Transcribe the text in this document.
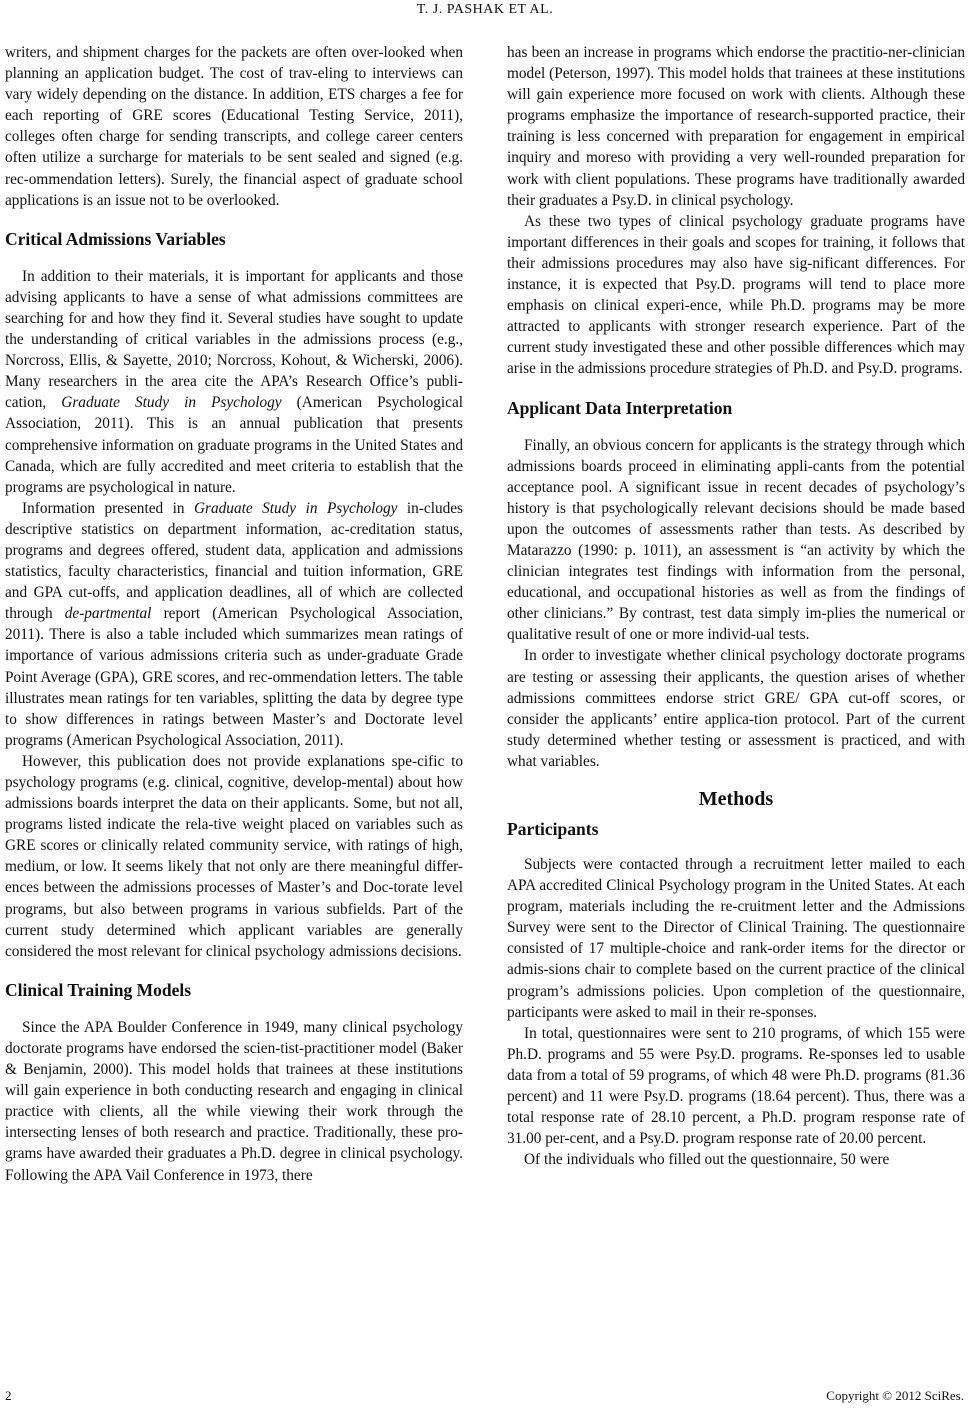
T. J. PASHAK ET AL.

writers, and shipment charges for the packets are often over-looked when planning an application budget. The cost of trav-eling to interviews can vary widely depending on the distance. In addition, ETS charges a fee for each reporting of GRE scores (Educational Testing Service, 2011), colleges often charge for sending transcripts, and college career centers often utilize a surcharge for materials to be sent sealed and signed (e.g. rec-ommendation letters). Surely, the financial aspect of graduate school applications is an issue not to be overlooked.

Critical Admissions Variables

In addition to their materials, it is important for applicants and those advising applicants to have a sense of what admissions committees are searching for and how they find it. Several studies have sought to update the understanding of critical variables in the admissions process (e.g., Norcross, Ellis, & Sayette, 2010; Norcross, Kohout, & Wicherski, 2006). Many researchers in the area cite the APA’s Research Office’s publi-cation, Graduate Study in Psychology (American Psychological Association, 2011). This is an annual publication that presents comprehensive information on graduate programs in the United States and Canada, which are fully accredited and meet criteria to establish that the programs are psychological in nature.

Information presented in Graduate Study in Psychology in-cludes descriptive statistics on department information, ac-creditation status, programs and degrees offered, student data, application and admissions statistics, faculty characteristics, financial and tuition information, GRE and GPA cut-offs, and application deadlines, all of which are collected through de-partmental report (American Psychological Association, 2011). There is also a table included which summarizes mean ratings of importance of various admissions criteria such as under-graduate Grade Point Average (GPA), GRE scores, and rec-ommendation letters. The table illustrates mean ratings for ten variables, splitting the data by degree type to show differences in ratings between Master’s and Doctorate level programs (American Psychological Association, 2011).

However, this publication does not provide explanations spe-cific to psychology programs (e.g. clinical, cognitive, develop-mental) about how admissions boards interpret the data on their applicants. Some, but not all, programs listed indicate the rela-tive weight placed on variables such as GRE scores or clinically related community service, with ratings of high, medium, or low. It seems likely that not only are there meaningful differ-ences between the admissions processes of Master’s and Doc-torate level programs, but also between programs in various subfields. Part of the current study determined which applicant variables are generally considered the most relevant for clinical psychology admissions decisions.

Clinical Training Models

Since the APA Boulder Conference in 1949, many clinical psychology doctorate programs have endorsed the scien-tist-practitioner model (Baker & Benjamin, 2000). This model holds that trainees at these institutions will gain experience in both conducting research and engaging in clinical practice with clients, all the while viewing their work through the intersecting lenses of both research and practice. Traditionally, these pro-grams have awarded their graduates a Ph.D. degree in clinical psychology. Following the APA Vail Conference in 1973, there

has been an increase in programs which endorse the practitio-ner-clinician model (Peterson, 1997). This model holds that trainees at these institutions will gain experience more focused on work with clients. Although these programs emphasize the importance of research-supported practice, their training is less concerned with preparation for engagement in empirical inquiry and moreso with providing a very well-rounded preparation for work with client populations. These programs have traditionally awarded their graduates a Psy.D. in clinical psychology.

As these two types of clinical psychology graduate programs have important differences in their goals and scopes for training, it follows that their admissions procedures may also have sig-nificant differences. For instance, it is expected that Psy.D. programs will tend to place more emphasis on clinical experi-ence, while Ph.D. programs may be more attracted to applicants with stronger research experience. Part of the current study investigated these and other possible differences which may arise in the admissions procedure strategies of Ph.D. and Psy.D. programs.

Applicant Data Interpretation

Finally, an obvious concern for applicants is the strategy through which admissions boards proceed in eliminating appli-cants from the potential acceptance pool. A significant issue in recent decades of psychology’s history is that psychologically relevant decisions should be made based upon the outcomes of assessments rather than tests. As described by Matarazzo (1990: p. 1011), an assessment is “an activity by which the clinician integrates test findings with information from the personal, educational, and occupational histories as well as from the findings of other clinicians.” By contrast, test data simply im-plies the numerical or qualitative result of one or more individ-ual tests.

In order to investigate whether clinical psychology doctorate programs are testing or assessing their applicants, the question arises of whether admissions committees endorse strict GRE/ GPA cut-off scores, or consider the applicants’ entire applica-tion protocol. Part of the current study determined whether testing or assessment is practiced, and with what variables.

Methods
Participants

Subjects were contacted through a recruitment letter mailed to each APA accredited Clinical Psychology program in the United States. At each program, materials including the re-cruitment letter and the Admissions Survey were sent to the Director of Clinical Training. The questionnaire consisted of 17 multiple-choice and rank-order items for the director or admis-sions chair to complete based on the current practice of the clinical program’s admissions policies. Upon completion of the questionnaire, participants were asked to mail in their re-sponses.

In total, questionnaires were sent to 210 programs, of which 155 were Ph.D. programs and 55 were Psy.D. programs. Re-sponses led to usable data from a total of 59 programs, of which 48 were Ph.D. programs (81.36 percent) and 11 were Psy.D. programs (18.64 percent). Thus, there was a total response rate of 28.10 percent, a Ph.D. program response rate of 31.00 per-cent, and a Psy.D. program response rate of 20.00 percent.

Of the individuals who filled out the questionnaire, 50 were

2	Copyright © 2012 SciRes.
